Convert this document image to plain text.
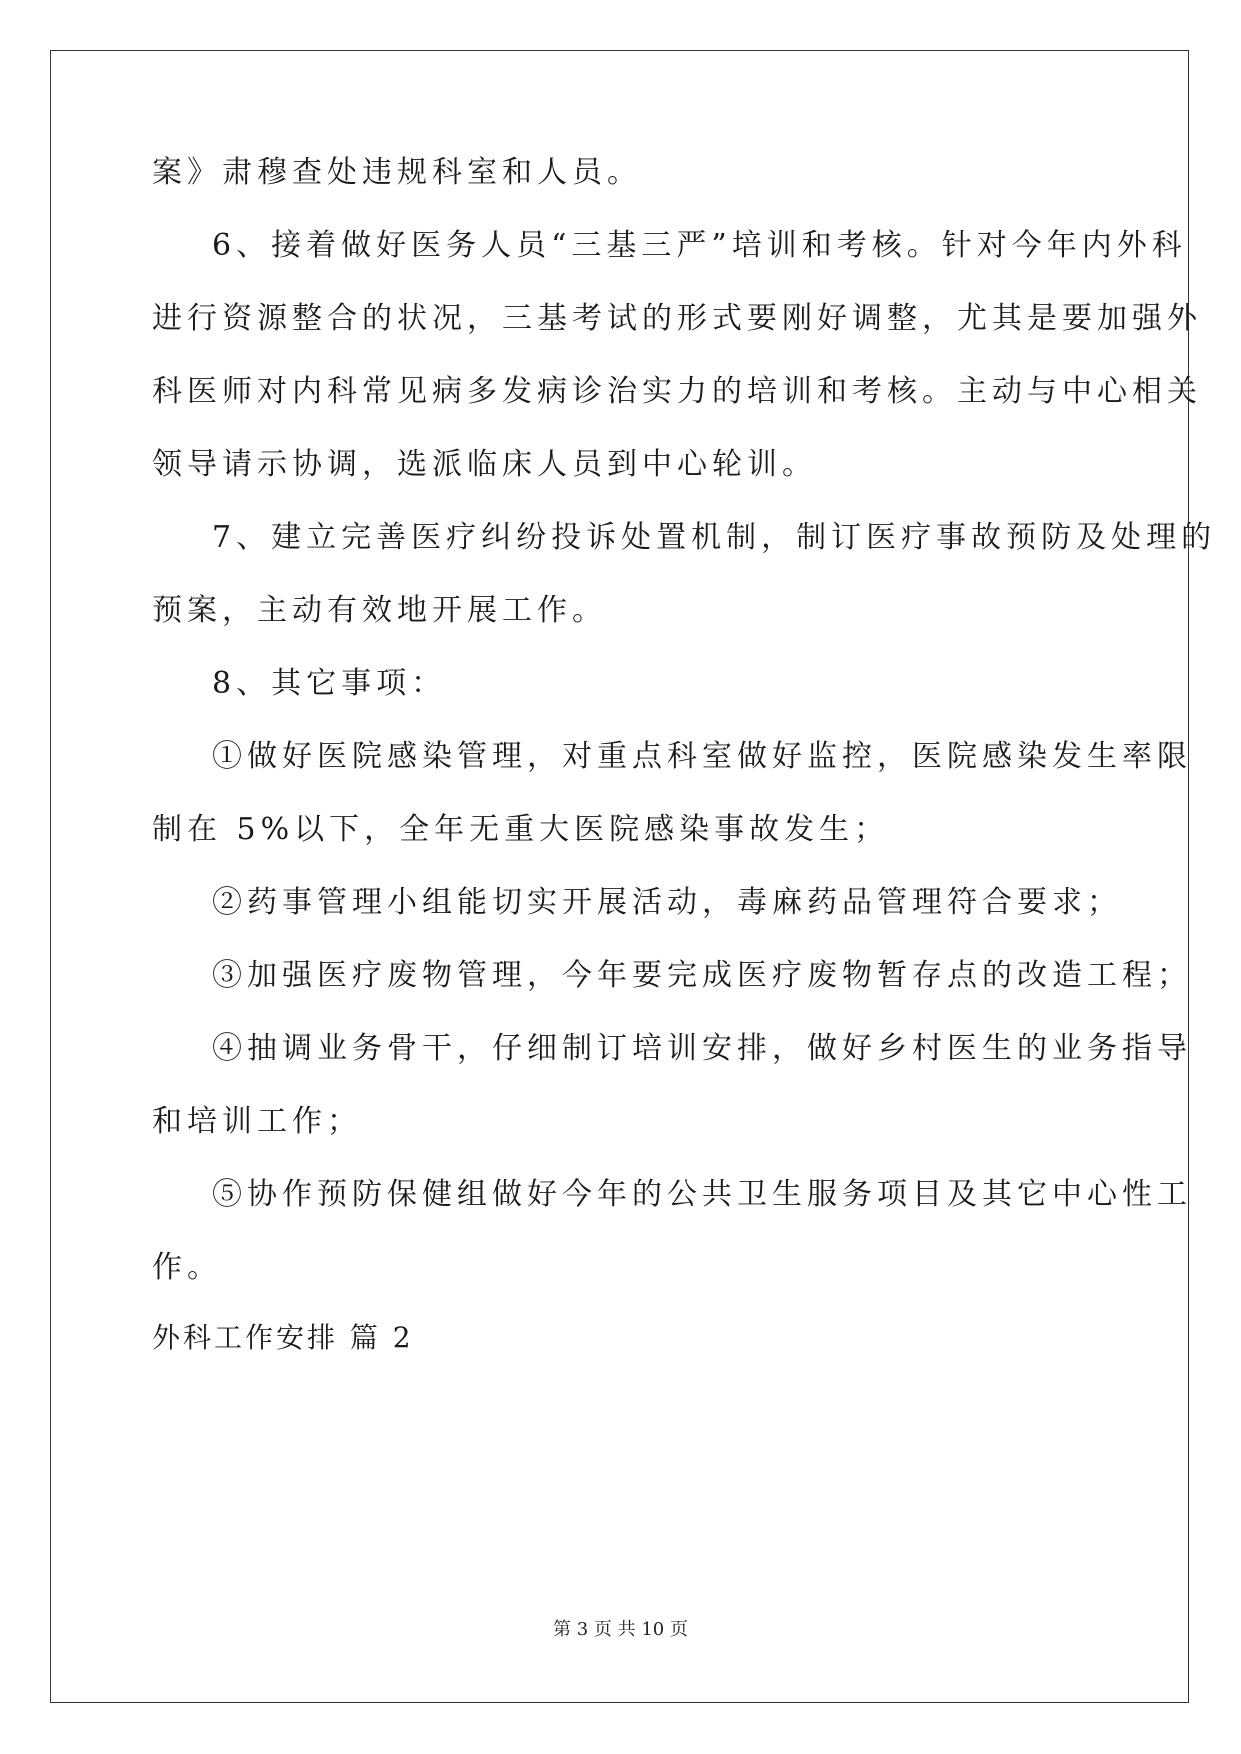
案》肃穆查处违规科室和人员。
6、接着做好医务人员“三基三严”培训和考核。针对今年内外科
进行资源整合的状况，三基考试的形式要刚好调整，尤其是要加强外
科医师对内科常见病多发病诊治实力的培训和考核。主动与中心相关
领导请示协调，选派临床人员到中心轮训。
7、建立完善医疗纠纷投诉处置机制，制订医疗事故预防及处理的
预案，主动有效地开展工作。
8、其它事项：
①做好医院感染管理，对重点科室做好监控，医院感染发生率限
制在 5%以下，全年无重大医院感染事故发生；
②药事管理小组能切实开展活动，毒麻药品管理符合要求；
③加强医疗废物管理，今年要完成医疗废物暂存点的改造工程；
④抽调业务骨干，仔细制订培训安排，做好乡村医生的业务指导
和培训工作；
⑤协作预防保健组做好今年的公共卫生服务项目及其它中心性工
作。
外科工作安排 篇 2
第 3 页 共 10 页
